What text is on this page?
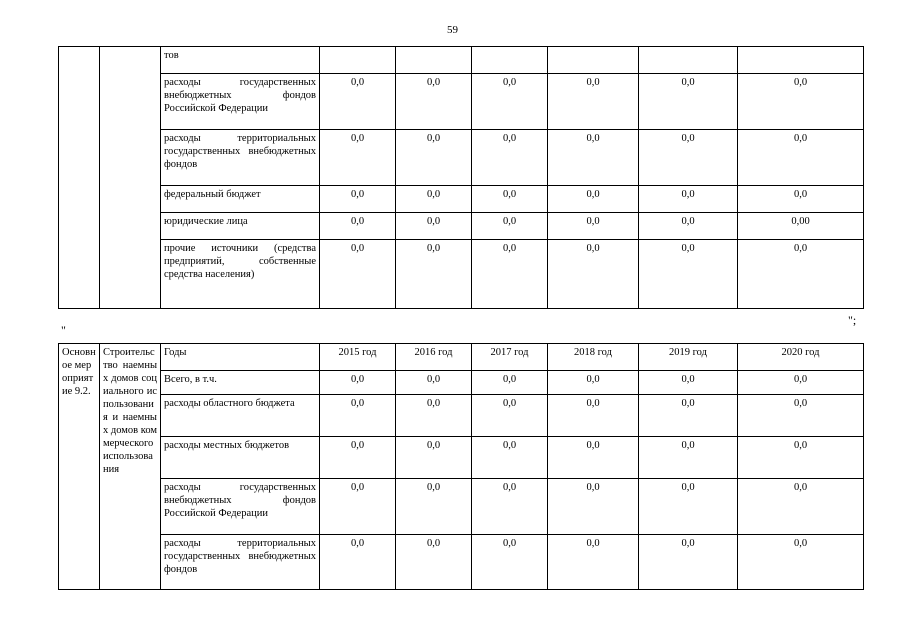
59
		тов						
		расходы государственных внебюджетных фондов Российской Федерации	0,0	0,0	0,0	0,0	0,0	0,0
		расходы территориальных государственных внебюджетных фондов	0,0	0,0	0,0	0,0	0,0	0,0
		федеральный бюджет	0,0	0,0	0,0	0,0	0,0	0,0
		юридические лица	0,0	0,0	0,0	0,0	0,0	0,00
		прочие источники (средства предприятий, собственные средства населения)	0,0	0,0	0,0	0,0	0,0	0,0
";
"
Основное мероприятие 9.2.	Строительство наемных домов социального использования и наемных домов коммерческого использования	Годы	2015 год	2016 год	2017 год	2018 год	2019 год	2020 год
		Всего, в т.ч.	0,0	0,0	0,0	0,0	0,0	0,0
		расходы областного бюджета	0,0	0,0	0,0	0,0	0,0	0,0
		расходы местных бюджетов	0,0	0,0	0,0	0,0	0,0	0,0
		расходы государственных внебюджетных фондов Российской Федерации	0,0	0,0	0,0	0,0	0,0	0,0
		расходы территориальных государственных внебюджетных фондов	0,0	0,0	0,0	0,0	0,0	0,0
